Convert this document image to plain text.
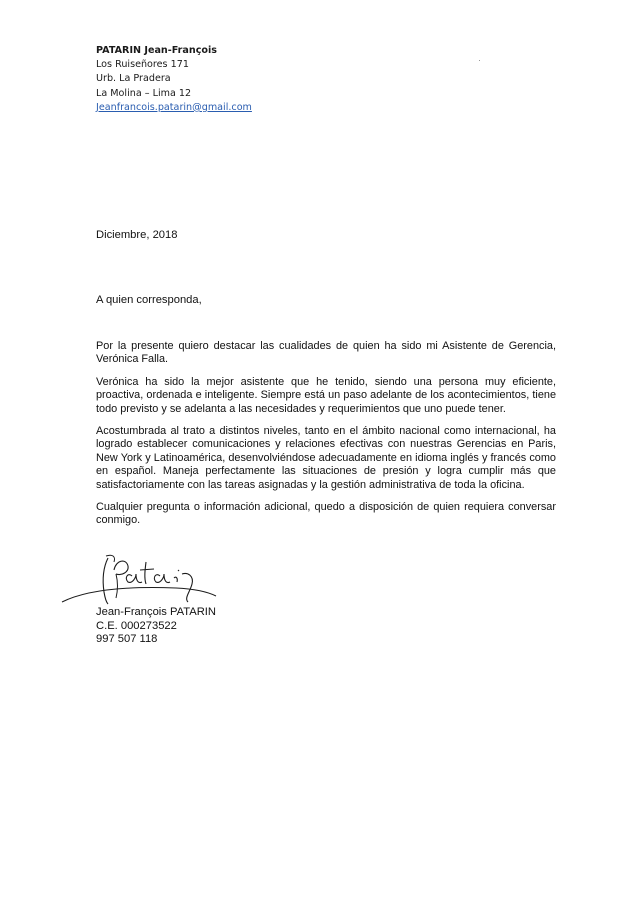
PATARIN Jean-François
Los Ruiseñores 171
Urb. La Pradera
La Molina – Lima 12
Jeanfrancois.patarin@gmail.com
Diciembre, 2018
A quien corresponda,

Por la presente quiero destacar las cualidades de quien ha sido mi Asistente de Gerencia, Verónica Falla.

Verónica ha sido la mejor asistente que he tenido, siendo una persona muy eficiente, proactiva, ordenada e inteligente. Siempre está un paso adelante de los acontecimientos, tiene todo previsto y se adelanta a las necesidades y requerimientos que uno puede tener.

Acostumbrada al trato a distintos niveles, tanto en el ámbito nacional como internacional, ha logrado establecer comunicaciones y relaciones efectivas con nuestras Gerencias en Paris, New York y Latinoamérica, desenvolviéndose adecuadamente en idioma inglés y francés como en español. Maneja perfectamente las situaciones de presión y logra cumplir más que satisfactoriamente con las tareas asignadas y la gestión administrativa de toda la oficina.

Cualquier pregunta o información adicional, quedo a disposición de quien requiera conversar conmigo.

Jean-François PATARIN
C.E. 000273522
997 507 118
